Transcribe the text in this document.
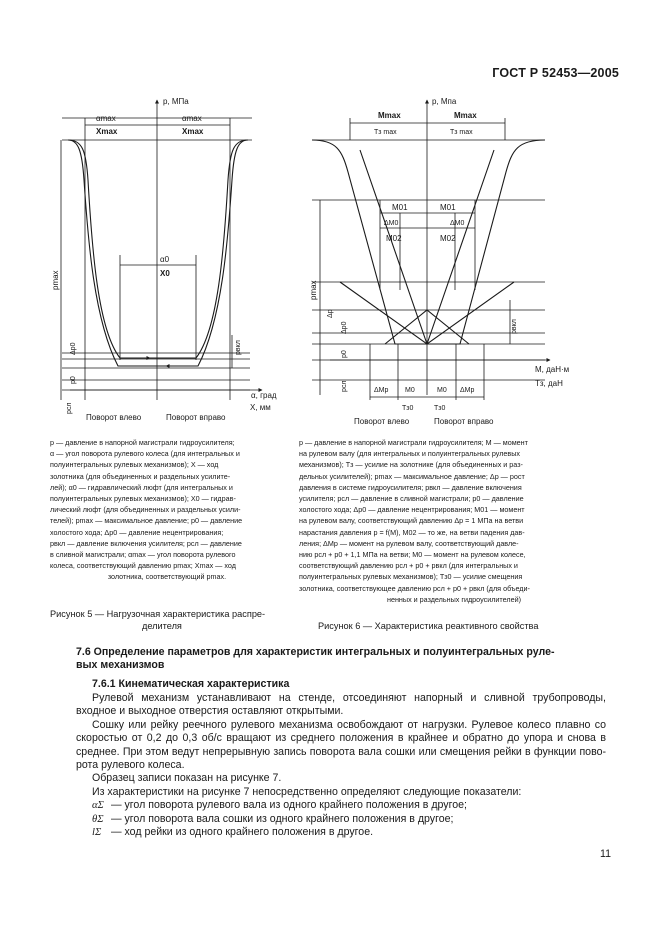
ГОСТ Р 52453—2005
p, МПа
αmax
Xmax
αmax
Xmax
α0
X0
pmax
Δp0
p0
pсл
pвкл
α, град
X, мм
Поворот влево	Поворот вправо
p — давление в напорной магистрали гидроусилителя;
α — угол поворота рулевого колеса (для интегральных и
полуинтегральных рулевых механизмов); X — ход
золотника (для объединенных и раздельных усилите-
лей); α0 — гидравлический люфт (для интегральных и
полуинтегральных рулевых механизмов); X0 — гидрав-
лический люфт (для объединенных и раздельных усили-
телей); pmax — максимальное давление; p0 — давление
холостого хода; Δp0 — давление нецентрирования;
pвкл — давление включения усилителя; pсл — давление
в сливной магистрали; αmax — угол поворота рулевого
колеса, соответствующий давлению pmax; Xmax — ход
золотника, соответствующий pmax.
Рисунок 5 — Нагрузочная характеристика распре-
делителя
p, Мпа
Mmax
Tз max
Mmax
Tз max
M01	M01
ΔM0	ΔM0
M02	M02
pmax
Δp
Δp0
p0
pсл
pвкл
M, даН·м
Tз, даН
ΔMp M0	M0 ΔMp
Tз0	Tз0
Поворот влево	Поворот вправо
p — давление в напорной магистрали гидроусилителя; M — момент
на рулевом валу (для интегральных и полуинтегральных рулевых
механизмов); Tз — усилие на золотнике (для объединенных и раз-
дельных усилителей); pmax — максимальное давление; Δp — рост
давления в системе гидроусилителя; pвкл — давление включения
усилителя; pсл — давление в сливной магистрали; p0 — давление
холостого хода; Δp0 — давление нецентрирования; M01 — момент
на рулевом валу, соответствующий давлению Δp = 1 МПа на ветви
нарастания давления p = f(M), M02 — то же, на ветви падения дав-
ления; ΔMp — момент на рулевом валу, соответствующий давле-
нию pсл + p0 + 1,1 МПа на ветви; M0 — момент на рулевом колесе,
соответствующий давлению pсл + p0 + pвкл (для интегральных и
полуинтегральных рулевых механизмов); Tз0 — усилие смещения
золотника, соответствующее давлению pсл + p0 + pвкл (для объеди-
ненных и раздельных гидроусилителей)
Рисунок 6 — Характеристика реактивного свойства
7.6 Определение параметров для характеристик интегральных и полуинтегральных руле-
вых механизмов
7.6.1 Кинематическая характеристика

Рулевой механизм устанавливают на стенде, отсоединяют напорный и сливной трубопроводы, входное и выходное отверстия оставляют открытыми.

Сошку или рейку реечного рулевого механизма освобождают от нагрузки. Рулевое колесо плавно со скоростью от 0,2 до 0,3 об/с вращают из среднего положения в крайнее и обратно до упора и снова в среднее. При этом ведут непрерывную запись поворота вала сошки или смещения рейки в функции пово- рота рулевого колеса.

Образец записи показан на рисунке 7.

Из характеристики на рисунке 7 непосредственно определяют следующие показатели:

αΣ — угол поворота рулевого вала из одного крайнего положения в другое;
θΣ — угол поворота вала сошки из одного крайнего положения в другое;
lΣ — ход рейки из одного крайнего положения в другое.
11
